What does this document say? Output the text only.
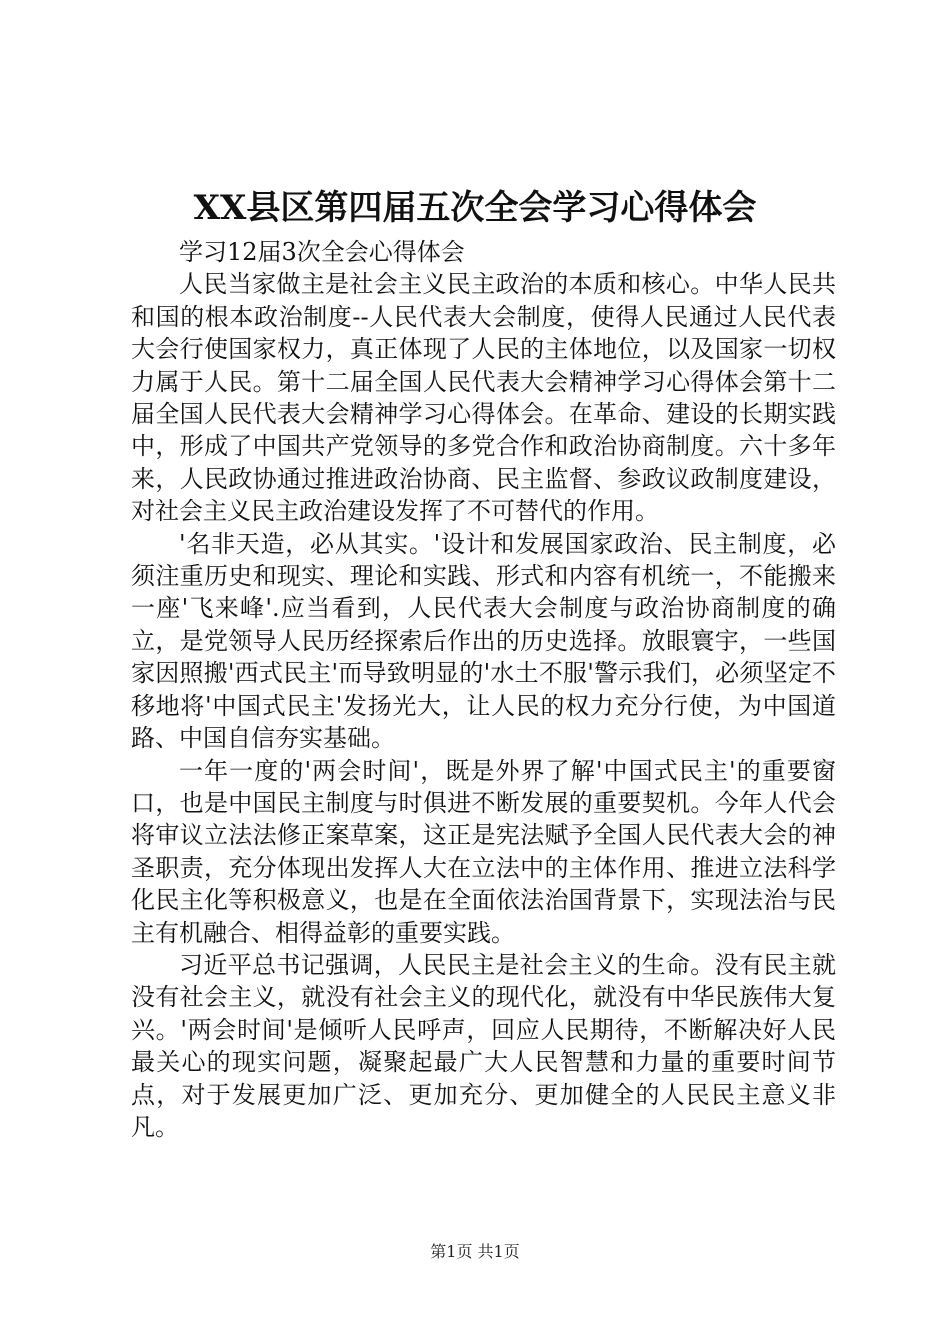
XX县区第四届五次全会学习心得体会

学习12届3次全会心得体会

人民当家做主是社会主义民主政治的本质和核心。中华人民共和国的根本政治制度--人民代表大会制度，使得人民通过人民代表大会行使国家权力，真正体现了人民的主体地位，以及国家一切权力属于人民。第十二届全国人民代表大会精神学习心得体会第十二届全国人民代表大会精神学习心得体会。在革命、建设的长期实践中，形成了中国共产党领导的多党合作和政治协商制度。六十多年来，人民政协通过推进政治协商、民主监督、参政议政制度建设，对社会主义民主政治建设发挥了不可替代的作用。

'名非天造，必从其实。'设计和发展国家政治、民主制度，必须注重历史和现实、理论和实践、形式和内容有机统一，不能搬来一座'飞来峰'.应当看到，人民代表大会制度与政治协商制度的确立，是党领导人民历经探索后作出的历史选择。放眼寰宇，一些国家因照搬'西式民主'而导致明显的'水土不服'警示我们，必须坚定不移地将'中国式民主'发扬光大，让人民的权力充分行使，为中国道路、中国自信夯实基础。

一年一度的'两会时间'，既是外界了解'中国式民主'的重要窗口，也是中国民主制度与时俱进不断发展的重要契机。今年人代会将审议立法法修正案草案，这正是宪法赋予全国人民代表大会的神圣职责，充分体现出发挥人大在立法中的主体作用、推进立法科学化民主化等积极意义，也是在全面依法治国背景下，实现法治与民主有机融合、相得益彰的重要实践。

习近平总书记强调，人民民主是社会主义的生命。没有民主就没有社会主义，就没有社会主义的现代化，就没有中华民族伟大复兴。'两会时间'是倾听人民呼声，回应人民期待，不断解决好人民最关心的现实问题，凝聚起最广大人民智慧和力量的重要时间节点，对于发展更加广泛、更加充分、更加健全的人民民主意义非凡。

第1页 共1页
